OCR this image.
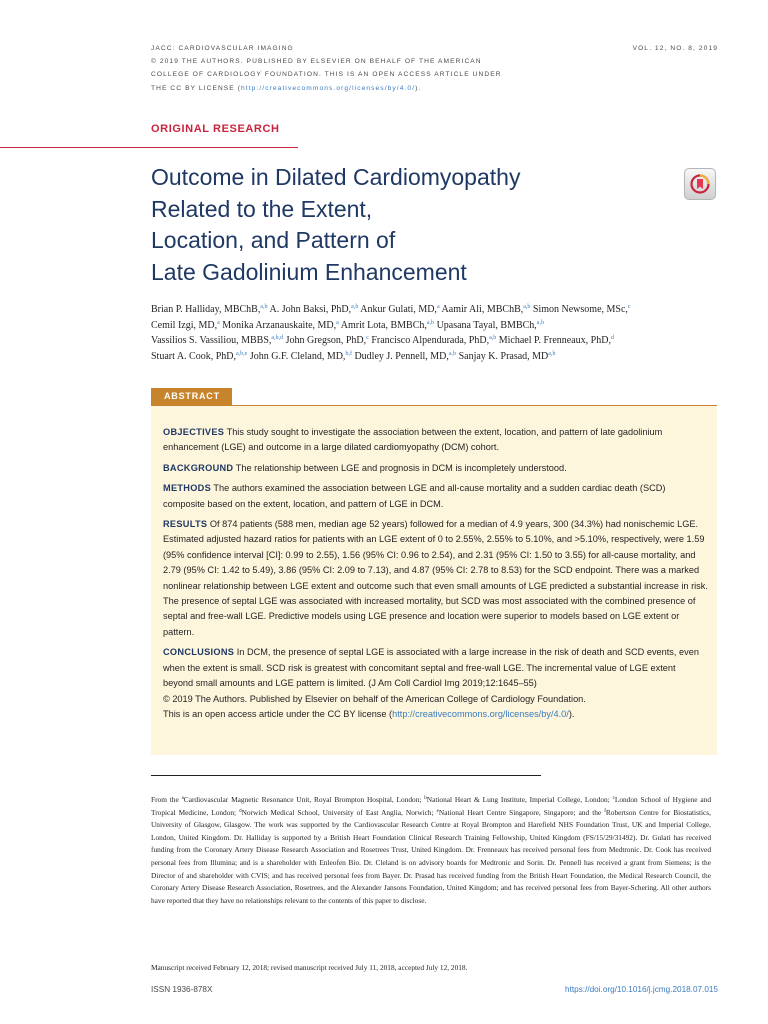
JACC: CARDIOVASCULAR IMAGING
© 2019 THE AUTHORS. PUBLISHED BY ELSEVIER ON BEHALF OF THE AMERICAN
COLLEGE OF CARDIOLOGY FOUNDATION. THIS IS AN OPEN ACCESS ARTICLE UNDER
THE CC BY LICENSE (http://creativecommons.org/licenses/by/4.0/).
VOL. 12, NO. 8, 2019
ORIGINAL RESEARCH
Outcome in Dilated Cardiomyopathy
Related to the Extent,
Location, and Pattern of
Late Gadolinium Enhancement
Brian P. Halliday, MBChB,$^{a,b}$ A. John Baksi, PhD,$^{a,b}$ Ankur Gulati, MD,$^a$ Aamir Ali, MBChB,$^{a,b}$ Simon Newsome, MSc,$^c$
Cemil Izgi, MD,$^a$ Monika Arzanauskaite, MD,$^a$ Amrit Lota, BMBCh,$^{a,b}$ Upasana Tayal, BMBCh,$^{a,b}$
Vassilios S. Vassiliou, MBBS,$^{a,b,d}$ John Gregson, PhD,$^c$ Francisco Alpendurada, PhD,$^{a,b}$ Michael P. Frenneaux, PhD,$^d$
Stuart A. Cook, PhD,$^{a,b,e}$ John G.F. Cleland, MD,$^{b,f}$ Dudley J. Pennell, MD,$^{a,b}$ Sanjay K. Prasad, MD$^{a,b}$
ABSTRACT

OBJECTIVES This study sought to investigate the association between the extent, location, and pattern of late gadolinium enhancement (LGE) and outcome in a large dilated cardiomyopathy (DCM) cohort.

BACKGROUND The relationship between LGE and prognosis in DCM is incompletely understood.

METHODS The authors examined the association between LGE and all-cause mortality and a sudden cardiac death (SCD) composite based on the extent, location, and pattern of LGE in DCM.

RESULTS Of 874 patients (588 men, median age 52 years) followed for a median of 4.9 years, 300 (34.3%) had nonischemic LGE. Estimated adjusted hazard ratios for patients with an LGE extent of 0 to 2.55%, 2.55% to 5.10%, and >5.10%, respectively, were 1.59 (95% confidence interval [CI]: 0.99 to 2.55), 1.56 (95% CI: 0.96 to 2.54), and 2.31 (95% CI: 1.50 to 3.55) for all-cause mortality, and 2.79 (95% CI: 1.42 to 5.49), 3.86 (95% CI: 2.09 to 7.13), and 4.87 (95% CI: 2.78 to 8.53) for the SCD endpoint. There was a marked nonlinear relationship between LGE extent and outcome such that even small amounts of LGE predicted a substantial increase in risk. The presence of septal LGE was associated with increased mortality, but SCD was most associated with the combined presence of septal and free-wall LGE. Predictive models using LGE presence and location were superior to models based on LGE extent or pattern.

CONCLUSIONS In DCM, the presence of septal LGE is associated with a large increase in the risk of death and SCD events, even when the extent is small. SCD risk is greatest with concomitant septal and free-wall LGE. The incremental value of LGE extent beyond small amounts and LGE pattern is limited. (J Am Coll Cardiol Img 2019;12:1645–55)
© 2019 The Authors. Published by Elsevier on behalf of the American College of Cardiology Foundation.
This is an open access article under the CC BY license (http://creativecommons.org/licenses/by/4.0/).

From the $^a$Cardiovascular Magnetic Resonance Unit, Royal Brompton Hospital, London; $^b$National Heart & Lung Institute, Imperial College, London; $^c$London School of Hygiene and Tropical Medicine, London; $^d$Norwich Medical School, University of East Anglia, Norwich; $^e$National Heart Centre Singapore, Singapore; and the $^f$Robertson Centre for Biostatistics, University of Glasgow, Glasgow. The work was supported by the Cardiovascular Research Centre at Royal Brompton and Harefield NHS Foundation Trust, UK and Imperial College, London, United Kingdom. Dr. Halliday is supported by a British Heart Foundation Clinical Research Training Fellowship, United Kingdom (FS/15/29/31492). Dr. Gulati has received funding from the Coronary Artery Disease Research Association and Rosetrees Trust, United Kingdom. Dr. Frenneaux has received personal fees from Medtronic. Dr. Cook has received personal fees from Illumina; and is a shareholder with Enleofen Bio. Dr. Cleland is on advisory boards for Medtronic and Sorin. Dr. Pennell has received a grant from Siemens; is the Director of and shareholder with CVIS; and has received personal fees from Bayer. Dr. Prasad has received funding from the British Heart Foundation, the Medical Research Council, the Coronary Artery Disease Research Association, Rosetrees, and the Alexander Jansons Foundation, United Kingdom; and has received personal fees from Bayer-Schering. All other authors have reported that they have no relationships relevant to the contents of this paper to disclose.
Manuscript received February 12, 2018; revised manuscript received July 11, 2018, accepted July 12, 2018.
ISSN 1936-878X	https://doi.org/10.1016/j.jcmg.2018.07.015
